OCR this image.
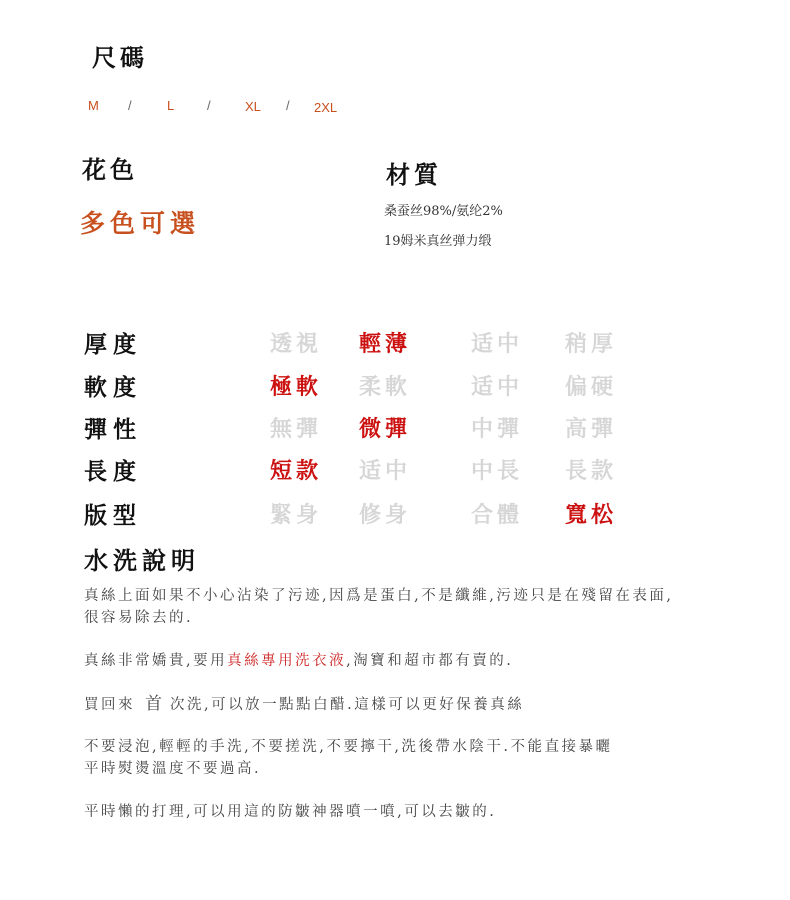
尺碼
M /	L	/	XL / 2XL
花色
多色可選
材質
桑蚕丝98%/氨纶2%
19姆米真丝弹力缎
厚度	透視 輕薄	适中 稍厚
軟度	極軟 柔軟	适中 偏硬
彈性	無彈 微彈	中彈 高彈
長度	短款 适中	中長 長款
版型	緊身 修身	合體 寬松
水洗說明
真絲上面如果不小心沾染了污迹,因爲是蛋白,不是纖維,污迹只是在殘留在表面,
很容易除去的.
真絲非常嬌貴,要用真絲專用洗衣液,淘寶和超市都有賣的.
買回來 首 次洗,可以放一點點白醋.這樣可以更好保養真絲
不要浸泡,輕輕的手洗,不要搓洗,不要擰干,洗後帶水陰干.不能直接暴曬
平時熨燙溫度不要過高.
平時懶的打理,可以用這的防皺神器噴一噴,可以去皺的.
